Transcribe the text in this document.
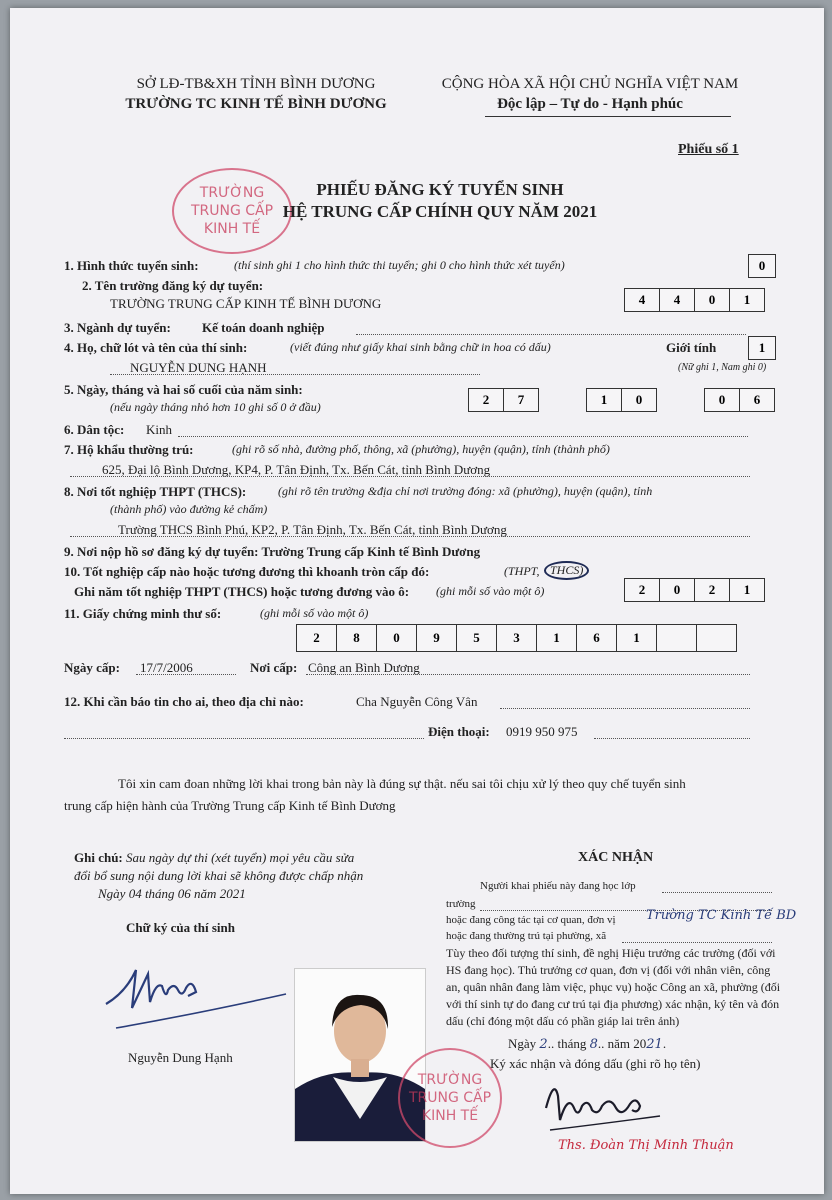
SỞ LĐ-TB&XH TỈNH BÌNH DƯƠNG
TRƯỜNG TC KINH TẾ BÌNH DƯƠNG
CỘNG HÒA XÃ HỘI CHỦ NGHĨA VIỆT NAM
Độc lập – Tự do - Hạnh phúc
Phiếu số 1
TRƯỜNG
TRUNG CẤP
KINH TẾ
PHIẾU ĐĂNG KÝ TUYỂN SINH
HỆ TRUNG CẤP CHÍNH QUY NĂM 2021
1. Hình thức tuyển sinh:	(thí sinh ghi 1 cho hình thức thi tuyển; ghi 0 cho hình thức xét tuyển)	0
2. Tên trường đăng ký dự tuyển:
TRƯỜNG TRUNG CẤP KINH TẾ BÌNH DƯƠNG	4	4	0	1
3. Ngành dự tuyển: Kế toán doanh nghiệp
4. Họ, chữ lót và tên của thí sinh:	(viết đúng như giấy khai sinh bằng chữ in hoa có dấu)	Giới tính	1
NGUYỄN DUNG HẠNH	(Nữ ghi 1, Nam ghi 0)
5. Ngày, tháng và hai số cuối của năm sinh:
(nếu ngày tháng nhỏ hơn 10 ghi số 0 ở đầu)	2	7	1	0	0	6
6. Dân tộc: Kinh
7. Hộ khẩu thường trú:	(ghi rõ số nhà, đường phố, thông, xã (phường), huyện (quận), tỉnh (thành phố)
625, Đại lộ Bình Dương, KP4, P. Tân Định, Tx. Bến Cát, tỉnh Bình Dương
8. Nơi tốt nghiệp THPT (THCS):	(ghi rõ tên trường &địa chỉ nơi trường đóng: xã (phường), huyện (quận), tỉnh
(thành phố) vào đường kẻ chấm)
Trường THCS Bình Phú, KP2, P. Tân Định, Tx. Bến Cát, tỉnh Bình Dương
9. Nơi nộp hồ sơ đăng ký dự tuyển: Trường Trung cấp Kinh tế Bình Dương
10. Tốt nghiệp cấp nào hoặc tương đương thì khoanh tròn cấp đó:	(THPT, THCS)
Ghi năm tốt nghiệp THPT (THCS) hoặc tương đương vào ô: (ghi mỗi số vào một ô)	2	0	2	1
11. Giấy chứng minh thư số:	(ghi mỗi số vào một ô)
2	8	0	9	5	3	1	6	1
Ngày cấp: 17/7/2006	Nơi cấp: Công an Bình Dương
12. Khi cần báo tin cho ai, theo địa chỉ nào:	Cha Nguyễn Công Vân
Điện thoại: 0919 950 975
Tôi xin cam đoan những lời khai trong bản này là đúng sự thật. nếu sai tôi chịu xử lý theo quy chế tuyển sinh
trung cấp hiện hành của Trường Trung cấp Kinh tế Bình Dương
Ghi chú: Sau ngày dự thi (xét tuyển) mọi yêu cầu sửa
đổi bổ sung nội dung lời khai sẽ không được chấp nhận
Ngày 04 tháng 06 năm 2021
Chữ ký của thí sinh
Nguyễn Dung Hạnh
TRƯỜNG
TRUNG CẤP
KINH TẾ
XÁC NHẬN
Người khai phiếu này đang học lớp
trường
hoặc đang công tác tại cơ quan, đơn vị Trường TC Kinh Tế BD
hoặc đang thường trú tại phường, xã
Tùy theo đối tượng thí sinh, đề nghị Hiệu trưởng các trường (đối với
HS đang học). Thủ trưởng cơ quan, đơn vị (đối với nhân viên, công
an, quân nhân đang làm việc, phục vụ) hoặc Công an xã, phường (đối
với thí sinh tự do đang cư trú tại địa phương) xác nhận, ký tên và đón
dấu (chỉ đóng một dấu có phần giáp lai trên ảnh)
Ngày 2.. tháng 8.. năm 2021.
Ký xác nhận và đóng dấu (ghi rõ họ tên)
Ths. Đoàn Thị Minh Thuận
